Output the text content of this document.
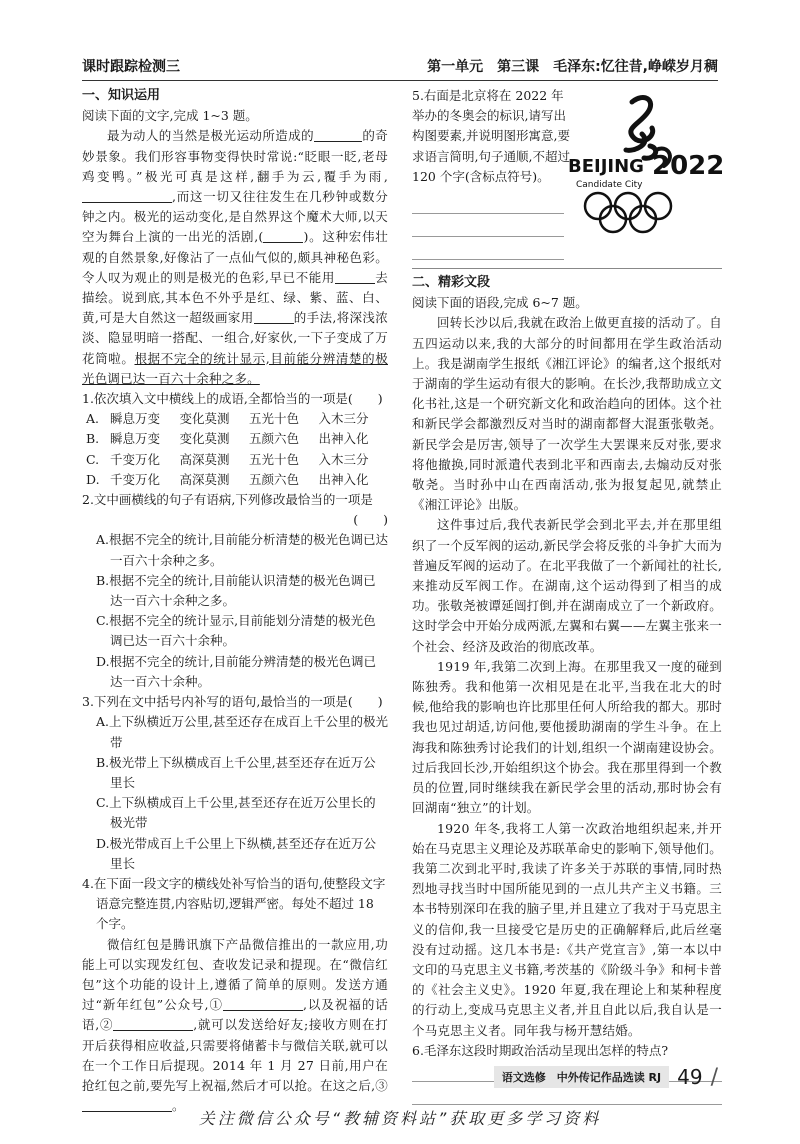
课时跟踪检测三	第一单元　第三课　毛泽东:忆往昔,峥嵘岁月稠

一、知识运用

阅读下面的文字,完成 1~3 题。

最为动人的当然是极光运动所造成的	的奇妙景象。我们形容事物变得快时常说:“眨眼一眨,老母鸡变鸭。”极光可真是这样,翻手为云,覆手为雨,,而这一切又往往发生在几秒钟或数分钟之内。极光的运动变化,是自然界这个魔术大师,以天空为舞台上演的一出光的活剧,(	)。这种宏伟壮观的自然景象,好像沾了一点仙气似的,颇具神秘色彩。令人叹为观止的则是极光的色彩,早已不能用	去描绘。说到底,其本色不外乎是红、绿、紫、蓝、白、黄,可是大自然这一超级画家用	的手法,将深浅浓淡、隐显明暗一搭配、一组合,好家伙,一下子变成了万花筒啦。根据不完全的统计显示,目前能分辨清楚的极光色调已达一百六十余种之多。

1.依次填入文中横线上的成语,全都恰当的一项是(　　)

A. 瞬息万变	变化莫测	五光十色	入木三分
B. 瞬息万变	变化莫测	五颜六色	出神入化
C. 千变万化	高深莫测	五光十色	入木三分
D. 千变万化	高深莫测	五颜六色	出神入化

2.文中画横线的句子有语病,下列修改最恰当的一项是

(　　)

A.根据不完全的统计,目前能分析清楚的极光色调已达一百六十余种之多。

B.根据不完全的统计,目前能认识清楚的极光色调已达一百六十余种之多。

C.根据不完全的统计显示,目前能划分清楚的极光色调已达一百六十余种。

D.根据不完全的统计,目前能分辨清楚的极光色调已达一百六十余种。

3.下列在文中括号内补写的语句,最恰当的一项是(　　)

A.上下纵横近万公里,甚至还存在成百上千公里的极光带

B.极光带上下纵横成百上千公里,甚至还存在近万公里长

C.上下纵横成百上千公里,甚至还存在近万公里长的极光带

D.极光带成百上千公里上下纵横,甚至还存在近万公里长

4.在下面一段文字的横线处补写恰当的语句,使整段文字语意完整连贯,内容贴切,逻辑严密。每处不超过 18 个字。

微信红包是腾讯旗下产品微信推出的一款应用,功能上可以实现发红包、查收发记录和提现。在“微信红包”这个功能的设计上,遵循了简单的原则。发送方通过“新年红包”公众号,①	,以及祝福的话语,②	,就可以发送给好友;接收方则在打开后获得相应收益,只需要将储蓄卡与微信关联,就可以在一个工作日后提现。2014 年 1 月 27 日前,用户在抢红包之前,要先写上祝福,然后才可以抢。在这之后,③。

5.右面是北京将在 2022 年举办的冬奥会的标识,请写出构图要素,并说明图形寓意,要求语言简明,句子通顺,不超过 120 个字(含标点符号)。

二、精彩文段

阅读下面的语段,完成 6~7 题。

回转长沙以后,我就在政治上做更直接的活动了。自五四运动以来,我的大部分的时间都用在学生政治活动上。我是湖南学生报纸《湘江评论》的编者,这个报纸对于湖南的学生运动有很大的影响。在长沙,我帮助成立文化书社,这是一个研究新文化和政治趋向的团体。这个社和新民学会都激烈反对当时的湖南都督大混蛋张敬尧。新民学会是厉害,领导了一次学生大罢课来反对张,要求将他撤换,同时派遣代表到北平和西南去,去煽动反对张敬尧。当时孙中山在西南活动,张为报复起见,就禁止《湘江评论》出版。

这件事过后,我代表新民学会到北平去,并在那里组织了一个反军阀的运动,新民学会将反张的斗争扩大而为普遍反军阀的运动了。在北平我做了一个新闻社的社长,来推动反军阀工作。在湖南,这个运动得到了相当的成功。张敬尧被谭延闿打倒,并在湖南成立了一个新政府。这时学会中开始分成两派,左翼和右翼——左翼主张来一个社会、经济及政治的彻底改革。

1919 年,我第二次到上海。在那里我又一度的碰到陈独秀。我和他第一次相见是在北平,当我在北大的时候,他给我的影响也许比那里任何人所给我的都大。那时我也见过胡适,访问他,要他援助湖南的学生斗争。在上海我和陈独秀讨论我们的计划,组织一个湖南建设协会。过后我回长沙,开始组织这个协会。我在那里得到一个教员的位置,同时继续我在新民学会里的活动,那时协会有回湖南“独立”的计划。

1920 年冬,我将工人第一次政治地组织起来,并开始在马克思主义理论及苏联革命史的影响下,领导他们。我第二次到北平时,我读了许多关于苏联的事情,同时热烈地寻找当时中国所能见到的一点儿共产主义书籍。三本书特别深印在我的脑子里,并且建立了我对于马克思主义的信仰,我一旦接受它是历史的正确解释后,此后丝毫没有过动摇。这几本书是:《共产党宣言》,第一本以中文印的马克思主义书籍,考茨基的《阶级斗争》和柯卡普的《社会主义史》。1920 年夏,我在理论上和某种程度的行动上,变成马克思主义者,并且自此以后,我自认是一个马克思主义者。同年我与杨开慧结婚。

6.毛泽东这段时期政治活动呈现出怎样的特点?

BEIJING 2022
Candidate City
语文选修　中外传记作品选读 RJ 49 /
关注微信公众号“教辅资料站”获取更多学习资料
